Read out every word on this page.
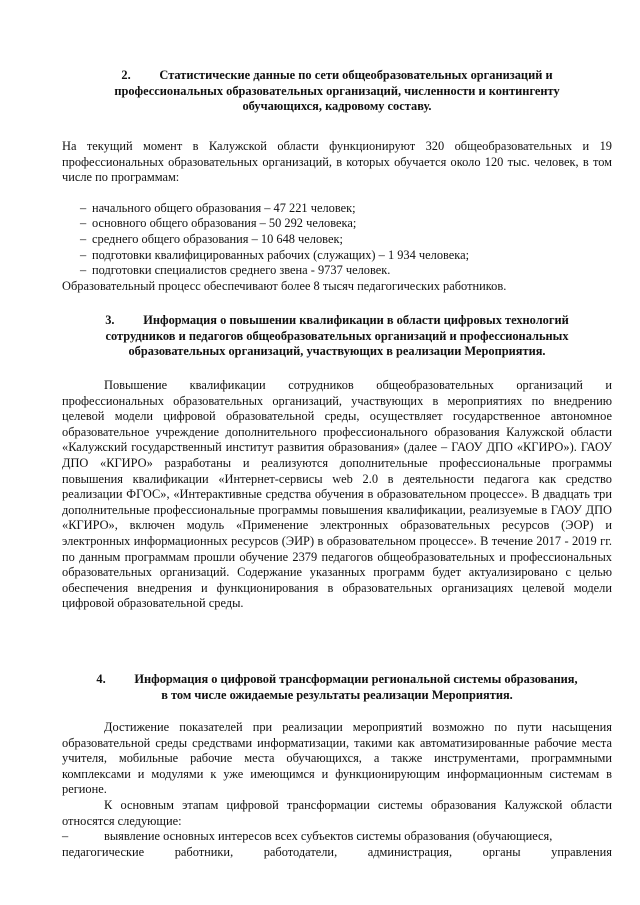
2. Статистические данные по сети общеобразовательных организаций и
профессиональных образовательных организаций, численности и контингенту
обучающихся, кадровому составу.

На текущий момент в Калужской области функционируют 320 общеобразовательных и 19 профессиональных образовательных организаций, в которых обучается около 120 тыс. человек, в том числе по программам:

– начального общего образования – 47 221 человек;
– основного общего образования – 50 292 человека;
– среднего общего образования – 10 648 человек;
– подготовки квалифицированных рабочих (служащих) – 1 934 человека;
– подготовки специалистов среднего звена - 9737 человек.

Образовательный процесс обеспечивают более 8 тысяч педагогических работников.

3. Информация о повышении квалификации в области цифровых технологий
сотрудников и педагогов общеобразовательных организаций и профессиональных
образовательных организаций, участвующих в реализации Мероприятия.

Повышение квалификации сотрудников общеобразовательных организаций и профессиональных образовательных организаций, участвующих в мероприятиях по внедрению целевой модели цифровой образовательной среды, осуществляет государственное автономное образовательное учреждение дополнительного профессионального образования Калужской области «Калужский государственный институт развития образования» (далее – ГАОУ ДПО «КГИРО»). ГАОУ ДПО «КГИРО» разработаны и реализуются дополнительные профессиональные программы повышения квалификации «Интернет-сервисы web 2.0 в деятельности педагога как средство реализации ФГОС», «Интерактивные средства обучения в образовательном процессе». В двадцать три дополнительные профессиональные программы повышения квалификации, реализуемые в ГАОУ ДПО «КГИРО», включен модуль «Применение электронных образовательных ресурсов (ЭОР) и электронных информационных ресурсов (ЭИР) в образовательном процессе». В течение 2017 - 2019 гг. по данным программам прошли обучение 2379 педагогов общеобразовательных и профессиональных образовательных организаций. Содержание указанных программ будет актуализировано с целью обеспечения внедрения и функционирования в образовательных организациях целевой модели цифровой образовательной среды.

4. Информация о цифровой трансформации региональной системы образования,
в том числе ожидаемые результаты реализации Мероприятия.

Достижение показателей при реализации мероприятий возможно по пути насыщения образовательной среды средствами информатизации, такими как автоматизированные рабочие места учителя, мобильные рабочие места обучающихся, а также инструментами, программными комплексами и модулями к уже имеющимся и функционирующим информационным системам в регионе.

К основным этапам цифровой трансформации системы образования Калужской области относятся следующие:

–	выявление основных интересов всех субъектов системы образования (обучающиеся,
педагогические работники, работодатели, администрация, органы управления
